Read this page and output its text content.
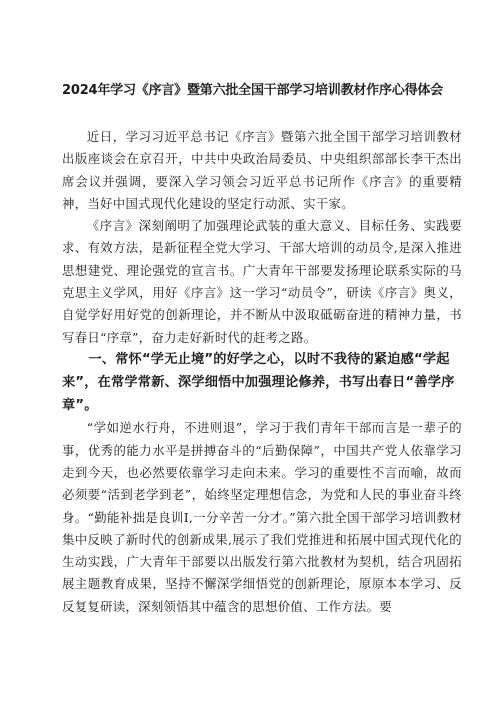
2024年学习《序言》暨第六批全国干部学习培训教材作序心得体会

近日，学习习近平总书记《序言》暨第六批全国干部学习培训教材出版座谈会在京召开，中共中央政治局委员、中央组织部部长李干杰出席会议并强调，要深入学习领会习近平总书记所作《序言》的重要精神，当好中国式现代化建设的坚定行动派、实干家。

《序言》深刻阐明了加强理论武装的重大意义、目标任务、实践要求、有效方法，是新征程全党大学习、干部大培训的动员令,是深入推进思想建党、理论强党的宣言书。广大青年干部要发扬理论联系实际的马克思主义学风，用好《序言》这一学习“动员令”，研读《序言》奥义，自觉学好用好党的创新理论，并不断从中汲取砥砺奋进的精神力量，书写春日“序章”，奋力走好新时代的赶考之路。

一、常怀“学无止境”的好学之心，以时不我待的紧迫感“学起来”，在常学常新、深学细悟中加强理论修养，书写出春日“善学序章”。

“学如逆水行舟，不进则退”，学习于我们青年干部而言是一辈子的事，优秀的能力水平是拼搏奋斗的“后勤保障”，中国共产党人依靠学习走到今天，也必然要依靠学习走向未来。学习的重要性不言而喻，故而必须要“活到老学到老”，始终坚定理想信念，为党和人民的事业奋斗终身。“勤能补拙是良训I,一分辛苦一分才。”第六批全国干部学习培训教材集中反映了新时代的创新成果,展示了我们党推进和拓展中国式现代化的生动实践，广大青年干部要以出版发行第六批教材为契机，结合巩固拓展主题教育成果，坚持不懈深学细悟党的创新理论，原原本本学习、反反复复研读，深刻领悟其中蕴含的思想价值、工作方法。要
